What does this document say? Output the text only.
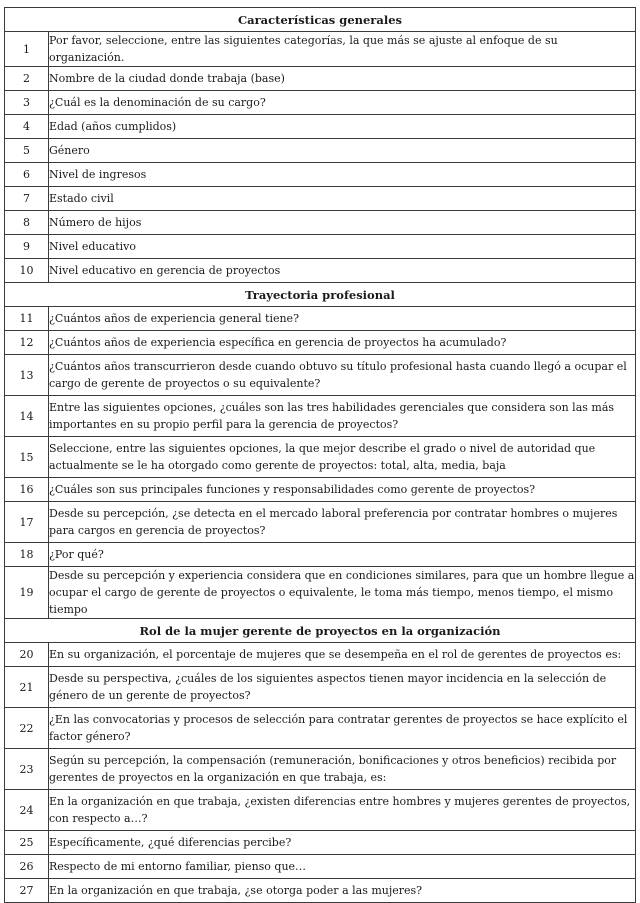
Características generales	
1	Por favor, seleccione, entre las siguientes categorías, la que más se ajuste al enfoque de su organización.
2	Nombre de la ciudad donde trabaja (base)
3	¿Cuál es la denominación de su cargo?
4	Edad (años cumplidos)
5	Género
6	Nivel de ingresos
7	Estado civil
8	Número de hijos
9	Nivel educativo
10	Nivel educativo en gerencia de proyectos
Trayectoria profesional	
11	¿Cuántos años de experiencia general tiene?
12	¿Cuántos años de experiencia específica en gerencia de proyectos ha acumulado?
13	¿Cuántos años transcurrieron desde cuando obtuvo su título profesional hasta cuando llegó a ocupar el cargo de gerente de proyectos o su equivalente?
14	Entre las siguientes opciones, ¿cuáles son las tres habilidades gerenciales que considera son las más importantes en su propio perfil para la gerencia de proyectos?
15	Seleccione, entre las siguientes opciones, la que mejor describe el grado o nivel de autoridad que actualmente se le ha otorgado como gerente de proyectos: total, alta, media, baja
16	¿Cuáles son sus principales funciones y responsabilidades como gerente de proyectos?
17	Desde su percepción, ¿se detecta en el mercado laboral preferencia por contratar hombres o mujeres para cargos en gerencia de proyectos?
18	¿Por qué?
19	Desde su percepción y experiencia considera que en condiciones similares, para que un hombre llegue a ocupar el cargo de gerente de proyectos o equivalente, le toma más tiempo, menos tiempo, el mismo tiempo
Rol de la mujer gerente de proyectos en la organización	
20	En su organización, el porcentaje de mujeres que se desempeña en el rol de gerentes de proyectos es:
21	Desde su perspectiva, ¿cuáles de los siguientes aspectos tienen mayor incidencia en la selección de género de un gerente de proyectos?
22	¿En las convocatorias y procesos de selección para contratar gerentes de proyectos se hace explícito el factor género?
23	Según su percepción, la compensación (remuneración, bonificaciones y otros beneficios) recibida por gerentes de proyectos en la organización en que trabaja, es:
24	En la organización en que trabaja, ¿existen diferencias entre hombres y mujeres gerentes de proyectos, con respecto a…?
25	Específicamente, ¿qué diferencias percibe?
26	Respecto de mi entorno familiar, pienso que…
27	En la organización en que trabaja, ¿se otorga poder a las mujeres?
